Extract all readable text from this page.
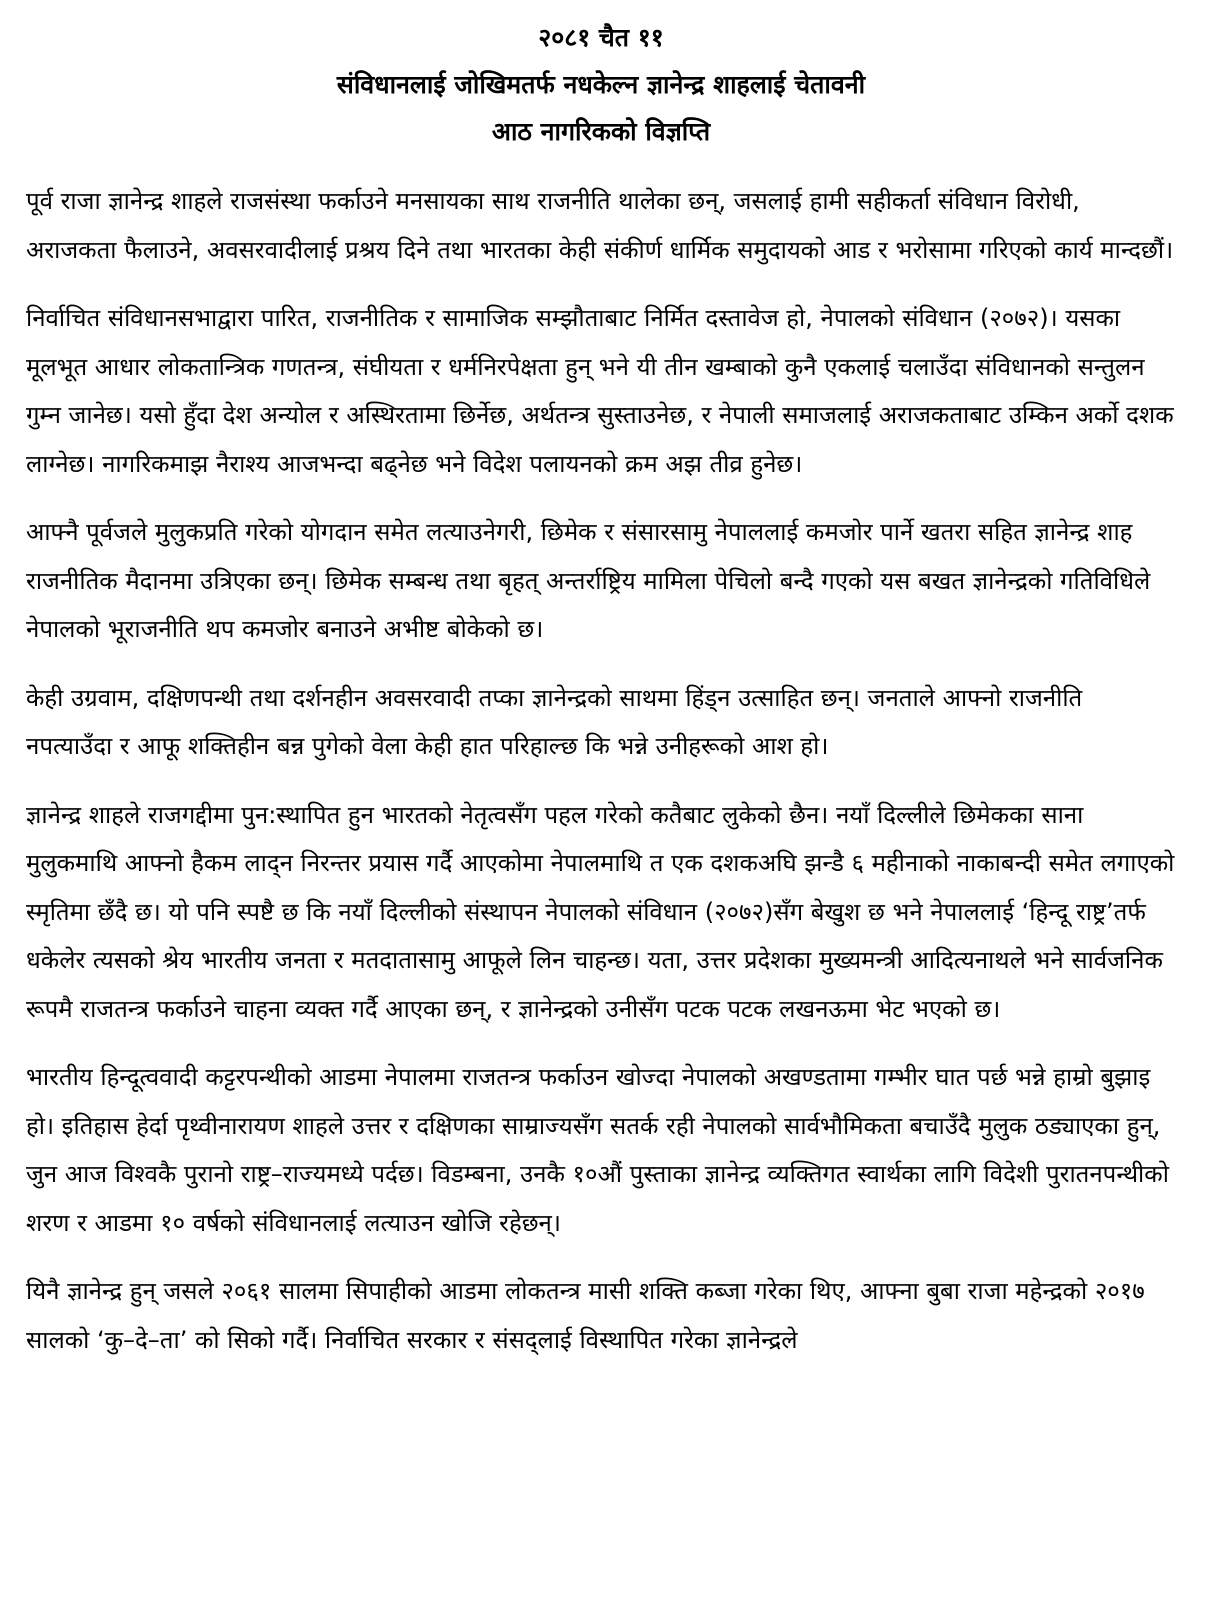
२०८१ चैत ११
संविधानलाई जोखिमतर्फ नधकेल्न ज्ञानेन्द्र शाहलाई चेतावनी
आठ नागरिकको विज्ञप्ति

पूर्व राजा ज्ञानेन्द्र शाहले राजसंस्था फर्काउने मनसायका साथ राजनीति थालेका छन्, जसलाई हामी सहीकर्ता संविधान विरोधी, अराजकता फैलाउने, अवसरवादीलाई प्रश्रय दिने तथा भारतका केही संकीर्ण धार्मिक समुदायको आड र भरोसामा गरिएको कार्य मान्दछौं।

निर्वाचित संविधानसभाद्वारा पारित, राजनीतिक र सामाजिक सम्झौताबाट निर्मित दस्तावेज हो, नेपालको संविधान (२०७२)। यसका मूलभूत आधार लोकतान्त्रिक गणतन्त्र, संघीयता र धर्मनिरपेक्षता हुन् भने यी तीन खम्बाको कुनै एकलाई चलाउँदा संविधानको सन्तुलन गुम्न जानेछ। यसो हुँदा देश अन्योल र अस्थिरतामा छिर्नेछ, अर्थतन्त्र सुस्ताउनेछ, र नेपाली समाजलाई अराजकताबाट उम्किन अर्को दशक लाग्नेछ। नागरिकमाझ नैराश्य आजभन्दा बढ्नेछ भने विदेश पलायनको क्रम अझ तीव्र हुनेछ।

आफ्नै पूर्वजले मुलुकप्रति गरेको योगदान समेत लत्याउनेगरी, छिमेक र संसारसामु नेपाललाई कमजोर पार्ने खतरा सहित ज्ञानेन्द्र शाह राजनीतिक मैदानमा उत्रिएका छन्। छिमेक सम्बन्ध तथा बृहत् अन्तर्राष्ट्रिय मामिला पेचिलो बन्दै गएको यस बखत ज्ञानेन्द्रको गतिविधिले नेपालको भूराजनीति थप कमजोर बनाउने अभीष्ट बोकेको छ।

केही उग्रवाम, दक्षिणपन्थी तथा दर्शनहीन अवसरवादी तप्का ज्ञानेन्द्रको साथमा हिंड्न उत्साहित छन्। जनताले आफ्नो राजनीति नपत्याउँदा र आफू शक्तिहीन बन्न पुगेको वेला केही हात परिहाल्छ कि भन्ने उनीहरूको आश हो।

ज्ञानेन्द्र शाहले राजगद्दीमा पुन:स्थापित हुन भारतको नेतृत्वसँग पहल गरेको कतैबाट लुकेको छैन। नयाँ दिल्लीले छिमेकका साना मुलुकमाथि आफ्नो हैकम लाद्न निरन्तर प्रयास गर्दै आएकोमा नेपालमाथि त एक दशकअघि झन्डै ६ महीनाको नाकाबन्दी समेत लगाएको स्मृतिमा छँदै छ। यो पनि स्पष्टै छ कि नयाँ दिल्लीको संस्थापन नेपालको संविधान (२०७२)सँग बेखुश छ भने नेपाललाई ‘हिन्दू राष्ट्र’तर्फ धकेलेर त्यसको श्रेय भारतीय जनता र मतदातासामु आफूले लिन चाहन्छ। यता, उत्तर प्रदेशका मुख्यमन्त्री आदित्यनाथले भने सार्वजनिक रूपमै राजतन्त्र फर्काउने चाहना व्यक्त गर्दै आएका छन्, र ज्ञानेन्द्रको उनीसँग पटक पटक लखनऊमा भेट भएको छ।

भारतीय हिन्दूत्ववादी कट्टरपन्थीको आडमा नेपालमा राजतन्त्र फर्काउन खोज्दा नेपालको अखण्डतामा गम्भीर घात पर्छ भन्ने हाम्रो बुझाइ हो। इतिहास हेर्दा पृथ्वीनारायण शाहले उत्तर र दक्षिणका साम्राज्यसँग सतर्क रही नेपालको सार्वभौमिकता बचाउँदै मुलुक ठड्याएका हुन्, जुन आज विश्वकै पुरानो राष्ट्र–राज्यमध्ये पर्दछ। विडम्बना, उनकै १०औं पुस्ताका ज्ञानेन्द्र व्यक्तिगत स्वार्थका लागि विदेशी पुरातनपन्थीको शरण र आडमा १० वर्षको संविधानलाई लत्याउन खोजि रहेछन्।

यिनै ज्ञानेन्द्र हुन् जसले २०६१ सालमा सिपाहीको आडमा लोकतन्त्र मासी शक्ति कब्जा गरेका थिए, आफ्ना बुबा राजा महेन्द्रको २०१७ सालको ‘कु–दे–ता’ को सिको गर्दै। निर्वाचित सरकार र संसद्लाई विस्थापित गरेका ज्ञानेन्द्रले
